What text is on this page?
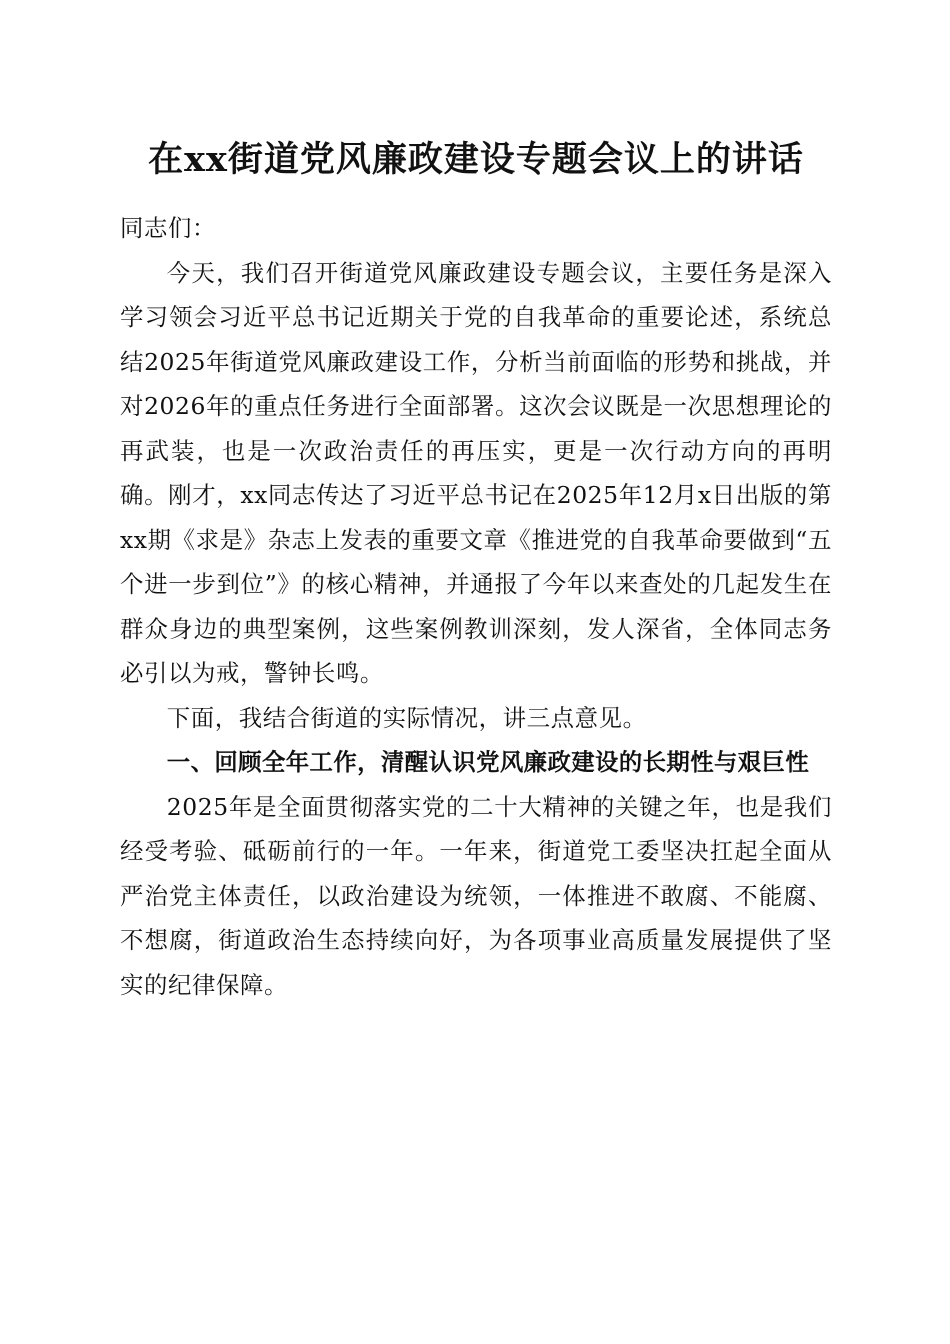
在xx街道党风廉政建设专题会议上的讲话

同志们：

今天，我们召开街道党风廉政建设专题会议，主要任务是深入学习领会习近平总书记近期关于党的自我革命的重要论述，系统总结2025年街道党风廉政建设工作，分析当前面临的形势和挑战，并对2026年的重点任务进行全面部署。这次会议既是一次思想理论的再武装，也是一次政治责任的再压实，更是一次行动方向的再明确。刚才，xx同志传达了习近平总书记在2025年12月x日出版的第xx期《求是》杂志上发表的重要文章《推进党的自我革命要做到“五个进一步到位”》的核心精神，并通报了今年以来查处的几起发生在群众身边的典型案例，这些案例教训深刻，发人深省，全体同志务必引以为戒，警钟长鸣。

下面，我结合街道的实际情况，讲三点意见。

一、回顾全年工作，清醒认识党风廉政建设的长期性与艰巨性

2025年是全面贯彻落实党的二十大精神的关键之年，也是我们经受考验、砥砺前行的一年。一年来，街道党工委坚决扛起全面从严治党主体责任，以政治建设为统领，一体推进不敢腐、不能腐、不想腐，街道政治生态持续向好，为各项事业高质量发展提供了坚实的纪律保障。
